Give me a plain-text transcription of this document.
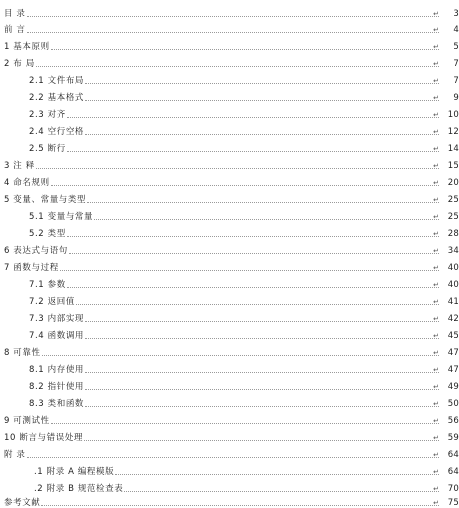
目 录	3
↵
前 言	4
↵
1 基本原则	5
↵
2 布 局	7
↵
2.1 文件布局	7
↵
2.2 基本格式	9
↵
2.3 对齐	10
↵
2.4 空行空格	12
↵
2.5 断行	14
↵
3 注 释	15
↵
4 命名规则	20
↵
5 变量、常量与类型	25
↵
5.1 变量与常量	25
↵
5.2 类型	28
↵
6 表达式与语句	34
↵
7 函数与过程	40
↵
7.1 参数	40
↵
7.2 返回值	41
↵
7.3 内部实现	42
↵
7.4 函数调用	45
↵
8 可靠性	47
↵
8.1 内存使用	47
↵
8.2 指针使用	49
↵
8.3 类和函数	50
↵
9 可测试性	56
↵
10 断言与错误处理	59
↵
附 录	64
↵
.1 附录 A 编程模版	64
↵
.2 附录 B 规范检查表	70
↵
参考文献	75
↵
